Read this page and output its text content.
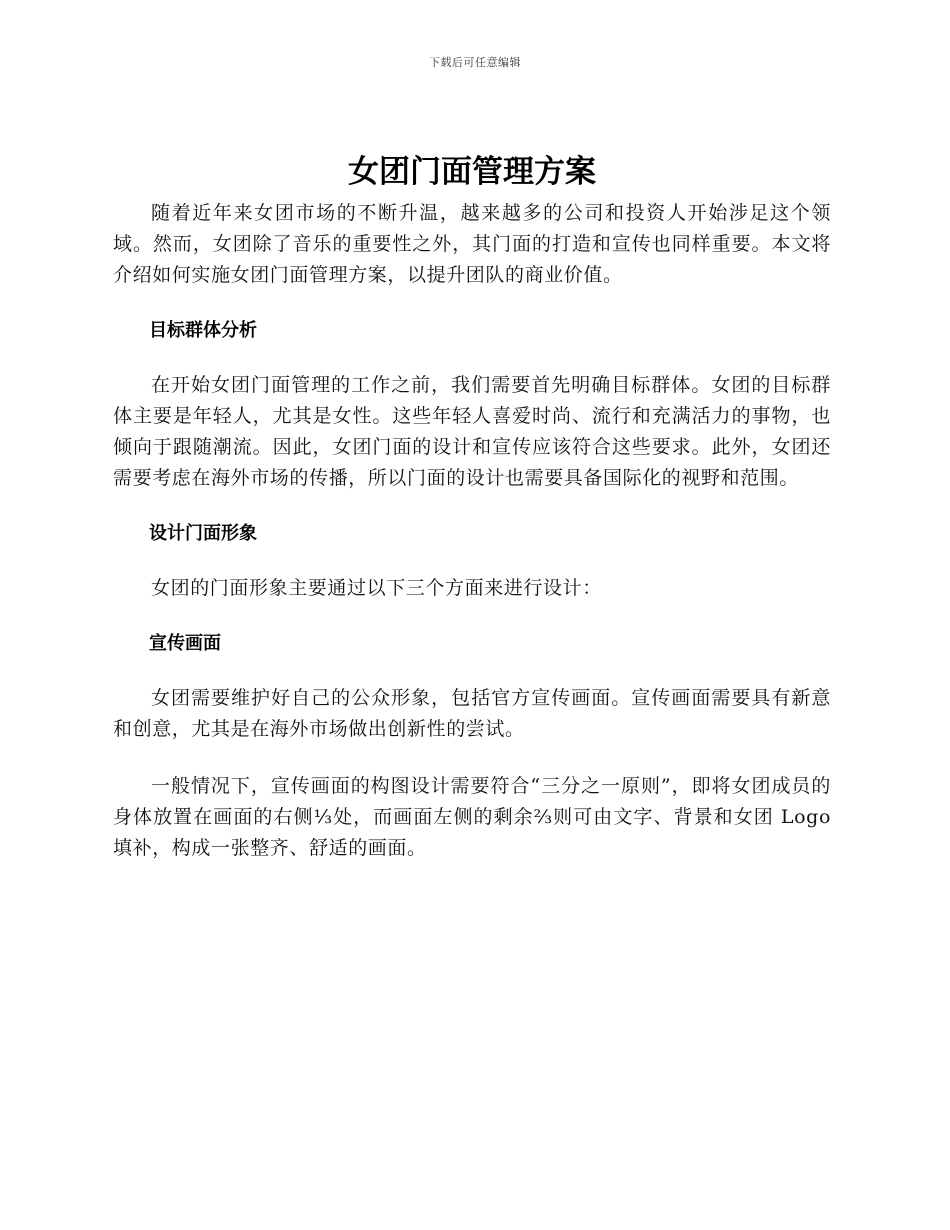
下载后可任意编辑
女团门面管理方案

随着近年来女团市场的不断升温，越来越多的公司和投资人开始涉足这个领域。然而，女团除了音乐的重要性之外，其门面的打造和宣传也同样重要。本文将介绍如何实施女团门面管理方案，以提升团队的商业价值。

目标群体分析

在开始女团门面管理的工作之前，我们需要首先明确目标群体。女团的目标群体主要是年轻人，尤其是女性。这些年轻人喜爱时尚、流行和充满活力的事物，也倾向于跟随潮流。因此，女团门面的设计和宣传应该符合这些要求。此外，女团还需要考虑在海外市场的传播，所以门面的设计也需要具备国际化的视野和范围。

设计门面形象

女团的门面形象主要通过以下三个方面来进行设计：

宣传画面

女团需要维护好自己的公众形象，包括官方宣传画面。宣传画面需要具有新意和创意，尤其是在海外市场做出创新性的尝试。

一般情况下，宣传画面的构图设计需要符合“三分之一原则”，即将女团成员的身体放置在画面的右侧⅓处，而画面左侧的剩余⅔则可由文字、背景和女团 Logo 填补，构成一张整齐、舒适的画面。
